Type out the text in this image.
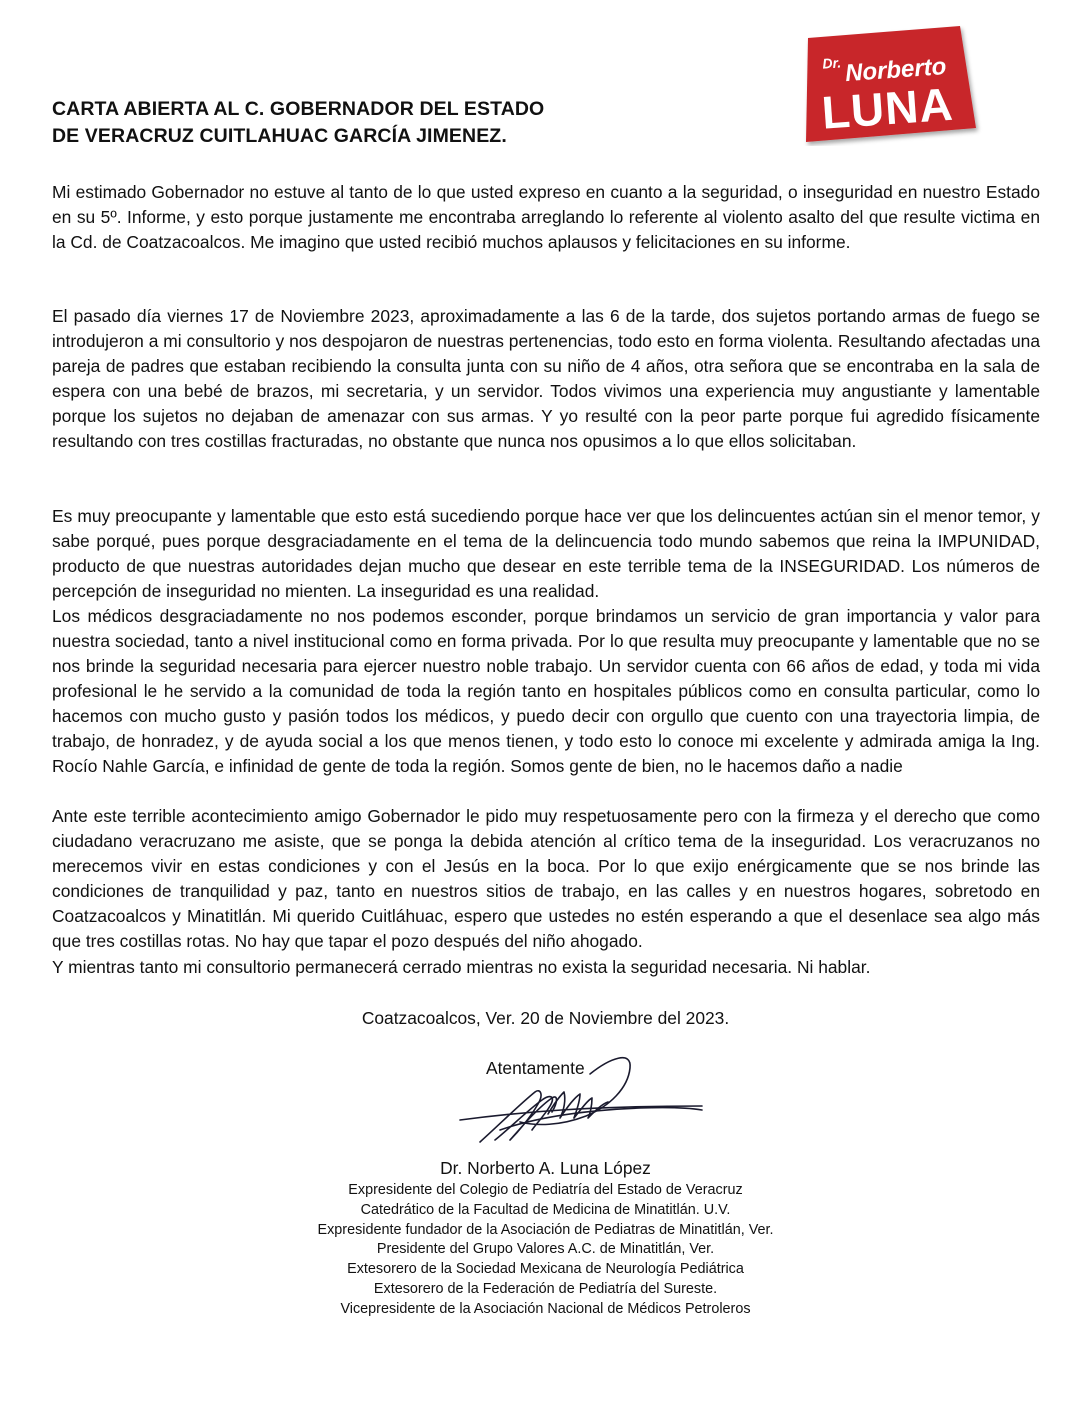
Dr. Norberto
LUNA
CARTA ABIERTA AL C. GOBERNADOR DEL ESTADO
DE VERACRUZ CUITLAHUAC GARCÍA JIMENEZ.

Mi estimado Gobernador no estuve al tanto de lo que usted expreso en cuanto a la seguridad, o inseguridad en nuestro Estado en su 5º. Informe, y esto porque justamente me encontraba arreglando lo referente al violento asalto del que resulte victima en la Cd. de Coatzacoalcos. Me imagino que usted recibió muchos aplausos y felicitaciones en su informe.

El pasado día viernes 17 de Noviembre 2023, aproximadamente a las 6 de la tarde, dos sujetos portando armas de fuego se introdujeron a mi consultorio y nos despojaron de nuestras pertenencias, todo esto en forma violenta. Resultando afectadas una pareja de padres que estaban recibiendo la consulta junta con su niño de 4 años, otra señora que se encontraba en la sala de espera con una bebé de brazos, mi secretaria, y un servidor. Todos vivimos una experiencia muy angustiante y lamentable porque los sujetos no dejaban de amenazar con sus armas. Y yo resulté con la peor parte porque fui agredido físicamente resultando con tres costillas fracturadas, no obstante que nunca nos opusimos a lo que ellos solicitaban.

Es muy preocupante y lamentable que esto está sucediendo porque hace ver que los delincuentes actúan sin el menor temor, y sabe porqué, pues porque desgraciadamente en el tema de la delincuencia todo mundo sabemos que reina la IMPUNIDAD, producto de que nuestras autoridades dejan mucho que desear en este terrible tema de la INSEGURIDAD. Los números de percepción de inseguridad no mienten. La inseguridad es una realidad.

Los médicos desgraciadamente no nos podemos esconder, porque brindamos un servicio de gran importancia y valor para nuestra sociedad, tanto a nivel institucional como en forma privada. Por lo que resulta muy preocupante y lamentable que no se nos brinde la seguridad necesaria para ejercer nuestro noble trabajo. Un servidor cuenta con 66 años de edad, y toda mi vida profesional le he servido a la comunidad de toda la región tanto en hospitales públicos como en consulta particular, como lo hacemos con mucho gusto y pasión todos los médicos, y puedo decir con orgullo que cuento con una trayectoria limpia, de trabajo, de honradez, y de ayuda social a los que menos tienen, y todo esto lo conoce mi excelente y admirada amiga la Ing. Rocío Nahle García, e infinidad de gente de toda la región. Somos gente de bien, no le hacemos daño a nadie

Ante este terrible acontecimiento amigo Gobernador le pido muy respetuosamente pero con la firmeza y el derecho que como ciudadano veracruzano me asiste, que se ponga la debida atención al crítico tema de la inseguridad. Los veracruzanos no merecemos vivir en estas condiciones y con el Jesús en la boca. Por lo que exijo enérgicamente que se nos brinde las condiciones de tranquilidad y paz, tanto en nuestros sitios de trabajo, en las calles y en nuestros hogares, sobretodo en Coatzacoalcos y Minatitlán. Mi querido Cuitláhuac, espero que ustedes no estén esperando a que el desenlace sea algo más que tres costillas rotas. No hay que tapar el pozo después del niño ahogado.

Y mientras tanto mi consultorio permanecerá cerrado mientras no exista la seguridad necesaria. Ni hablar.

Coatzacoalcos, Ver. 20 de Noviembre del 2023.

Atentamente

Dr. Norberto A. Luna López

Expresidente del Colegio de Pediatría del Estado de Veracruz
Catedrático de la Facultad de Medicina de Minatitlán. U.V.
Expresidente fundador de la Asociación de Pediatras de Minatitlán, Ver.
Presidente del Grupo Valores A.C. de Minatitlán, Ver.
Extesorero de la Sociedad Mexicana de Neurología Pediátrica
Extesorero de la Federación de Pediatría del Sureste.
Vicepresidente de la Asociación Nacional de Médicos Petroleros
